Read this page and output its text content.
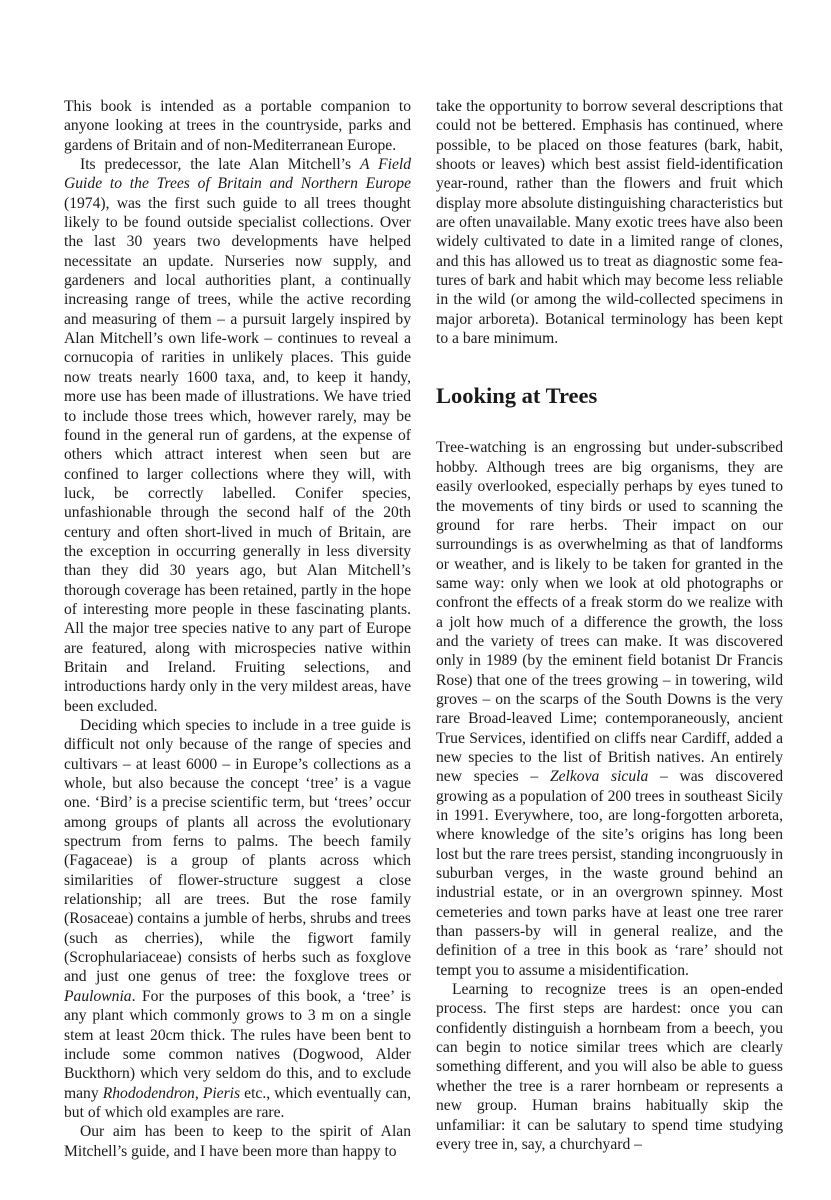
This book is intended as a portable companion to anyone looking at trees in the countryside, parks and gardens of Britain and of non-Mediterranean Europe.

Its predecessor, the late Alan Mitchell’s A Field Guide to the Trees of Britain and Northern Europe (1974), was the first such guide to all trees thought likely to be found outside specialist collections. Over the last 30 years two developments have helped necessitate an update. Nurseries now supply, and gardeners and local authorities plant, a continually increasing range of trees, while the active recording and measuring of them – a pursuit largely inspired by Alan Mitchell’s own life-work – continues to reveal a cornucopia of rarities in unlikely places. This guide now treats nearly 1600 taxa, and, to keep it handy, more use has been made of illustrations. We have tried to include those trees which, however rarely, may be found in the general run of gardens, at the expense of others which attract interest when seen but are confined to larger collections where they will, with luck, be correctly labelled. Conifer species, unfashionable through the second half of the 20th century and often short-lived in much of Britain, are the exception in occurring generally in less diversity than they did 30 years ago, but Alan Mitchell’s thorough coverage has been retained, partly in the hope of interesting more people in these fascinating plants. All the major tree species native to any part of Europe are featured, along with microspecies native within Britain and Ireland. Fruiting selections, and introductions hardy only in the very mildest areas, have been excluded.

Deciding which species to include in a tree guide is difficult not only because of the range of species and cultivars – at least 6000 – in Europe’s collections as a whole, but also because the concept ‘tree’ is a vague one. ‘Bird’ is a precise scientific term, but ‘trees’ occur among groups of plants all across the evolutionary spectrum from ferns to palms. The beech family (Fagaceae) is a group of plants across which similarities of flower-structure suggest a close relationship; all are trees. But the rose family (Rosaceae) contains a jumble of herbs, shrubs and trees (such as cherries), while the figwort family (Scrophulariaceae) consists of herbs such as foxglove and just one genus of tree: the foxglove trees or Paulownia. For the purposes of this book, a ‘tree’ is any plant which commonly grows to 3 m on a single stem at least 20cm thick. The rules have been bent to include some common natives (Dogwood, Alder Buckthorn) which very seldom do this, and to exclude many Rhododendron, Pieris etc., which eventually can, but of which old examples are rare.

Our aim has been to keep to the spirit of Alan Mitchell’s guide, and I have been more than happy to

take the opportunity to borrow several descriptions that could not be bettered. Emphasis has continued, where possible, to be placed on those features (bark, habit, shoots or leaves) which best assist field-identification year-round, rather than the flowers and fruit which display more absolute distinguishing characteristics but are often unavailable. Many exotic trees have also been widely cultivated to date in a limited range of clones, and this has allowed us to treat as diagnostic some features of bark and habit which may become less reliable in the wild (or among the wild-collected specimens in major arboreta). Botanical terminology has been kept to a bare minimum.

Looking at Trees

Tree-watching is an engrossing but under-subscribed hobby. Although trees are big organisms, they are easily overlooked, especially perhaps by eyes tuned to the movements of tiny birds or used to scanning the ground for rare herbs. Their impact on our surroundings is as overwhelming as that of landforms or weather, and is likely to be taken for granted in the same way: only when we look at old photographs or confront the effects of a freak storm do we realize with a jolt how much of a difference the growth, the loss and the variety of trees can make. It was discovered only in 1989 (by the eminent field botanist Dr Francis Rose) that one of the trees growing – in towering, wild groves – on the scarps of the South Downs is the very rare Broad-leaved Lime; contemporaneously, ancient True Services, identified on cliffs near Cardiff, added a new species to the list of British natives. An entirely new species – Zelkova sicula – was discovered growing as a population of 200 trees in southeast Sicily in 1991. Everywhere, too, are long-forgotten arboreta, where knowledge of the site’s origins has long been lost but the rare trees persist, standing incongruously in suburban verges, in the waste ground behind an industrial estate, or in an overgrown spinney. Most cemeteries and town parks have at least one tree rarer than passers-by will in general realize, and the definition of a tree in this book as ‘rare’ should not tempt you to assume a misidentification.

Learning to recognize trees is an open-ended process. The first steps are hardest: once you can confidently distinguish a hornbeam from a beech, you can begin to notice similar trees which are clearly something different, and you will also be able to guess whether the tree is a rarer hornbeam or represents a new group. Human brains habitually skip the unfamiliar: it can be salutary to spend time studying every tree in, say, a churchyard –
